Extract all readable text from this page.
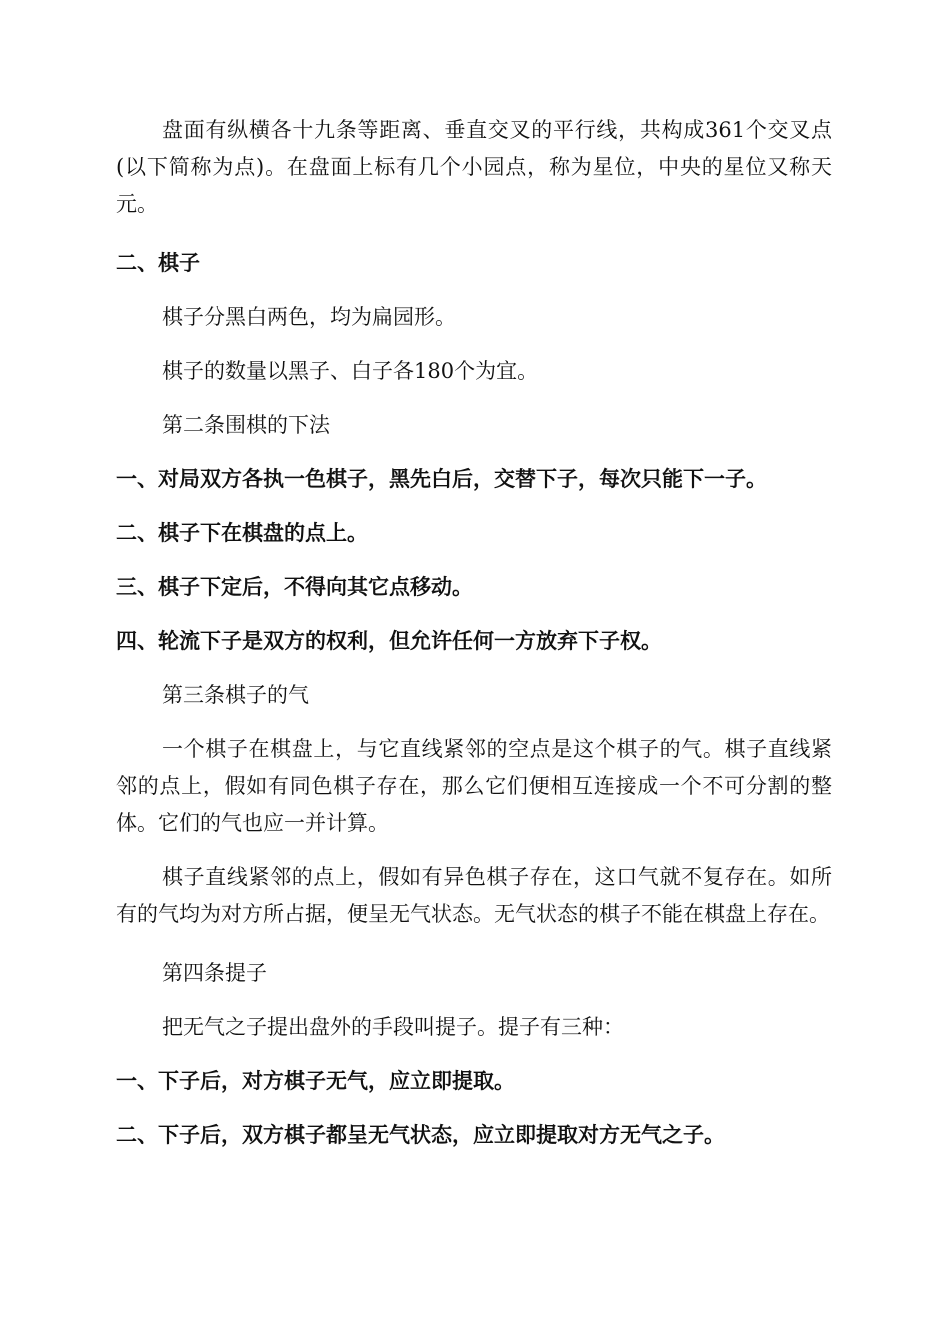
盘面有纵横各十九条等距离、垂直交叉的平行线，共构成361个交叉点(以下简称为点)。在盘面上标有几个小园点，称为星位，中央的星位又称天元。

二、棋子

棋子分黑白两色，均为扁园形。

棋子的数量以黑子、白子各180个为宜。

第二条围棋的下法

一、对局双方各执一色棋子，黑先白后，交替下子，每次只能下一子。

二、棋子下在棋盘的点上。

三、棋子下定后，不得向其它点移动。

四、轮流下子是双方的权利，但允许任何一方放弃下子权。

第三条棋子的气

一个棋子在棋盘上，与它直线紧邻的空点是这个棋子的气。棋子直线紧邻的点上，假如有同色棋子存在，那么它们便相互连接成一个不可分割的整体。它们的气也应一并计算。

棋子直线紧邻的点上，假如有异色棋子存在，这口气就不复存在。如所有的气均为对方所占据，便呈无气状态。无气状态的棋子不能在棋盘上存在。

第四条提子

把无气之子提出盘外的手段叫提子。提子有三种：

一、下子后，对方棋子无气，应立即提取。

二、下子后，双方棋子都呈无气状态，应立即提取对方无气之子。
